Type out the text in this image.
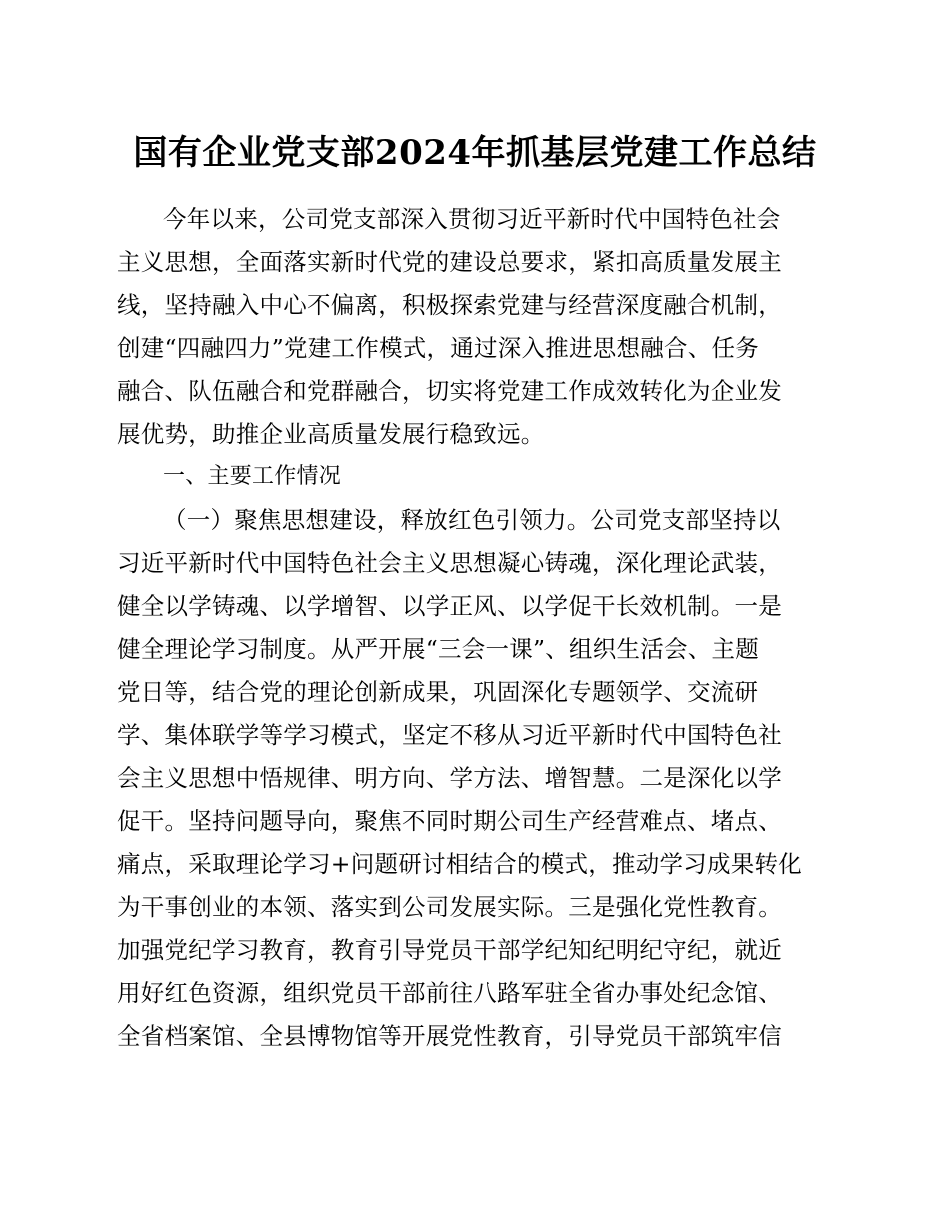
国有企业党支部2024年抓基层党建工作总结
今年以来，公司党支部深入贯彻习近平新时代中国特色社会
主义思想，全面落实新时代党的建设总要求，紧扣高质量发展主
线，坚持融入中心不偏离，积极探索党建与经营深度融合机制，
创建“四融四力”党建工作模式，通过深入推进思想融合、任务
融合、队伍融合和党群融合，切实将党建工作成效转化为企业发
展优势，助推企业高质量发展行稳致远。
一、主要工作情况
（一）聚焦思想建设，释放红色引领力。公司党支部坚持以
习近平新时代中国特色社会主义思想凝心铸魂，深化理论武装，
健全以学铸魂、以学增智、以学正风、以学促干长效机制。一是
健全理论学习制度。从严开展“三会一课”、组织生活会、主题
党日等，结合党的理论创新成果，巩固深化专题领学、交流研
学、集体联学等学习模式，坚定不移从习近平新时代中国特色社
会主义思想中悟规律、明方向、学方法、增智慧。二是深化以学
促干。坚持问题导向，聚焦不同时期公司生产经营难点、堵点、
痛点，采取理论学习+问题研讨相结合的模式，推动学习成果转化
为干事创业的本领、落实到公司发展实际。三是强化党性教育。
加强党纪学习教育，教育引导党员干部学纪知纪明纪守纪，就近
用好红色资源，组织党员干部前往八路军驻全省办事处纪念馆、
全省档案馆、全县博物馆等开展党性教育，引导党员干部筑牢信
